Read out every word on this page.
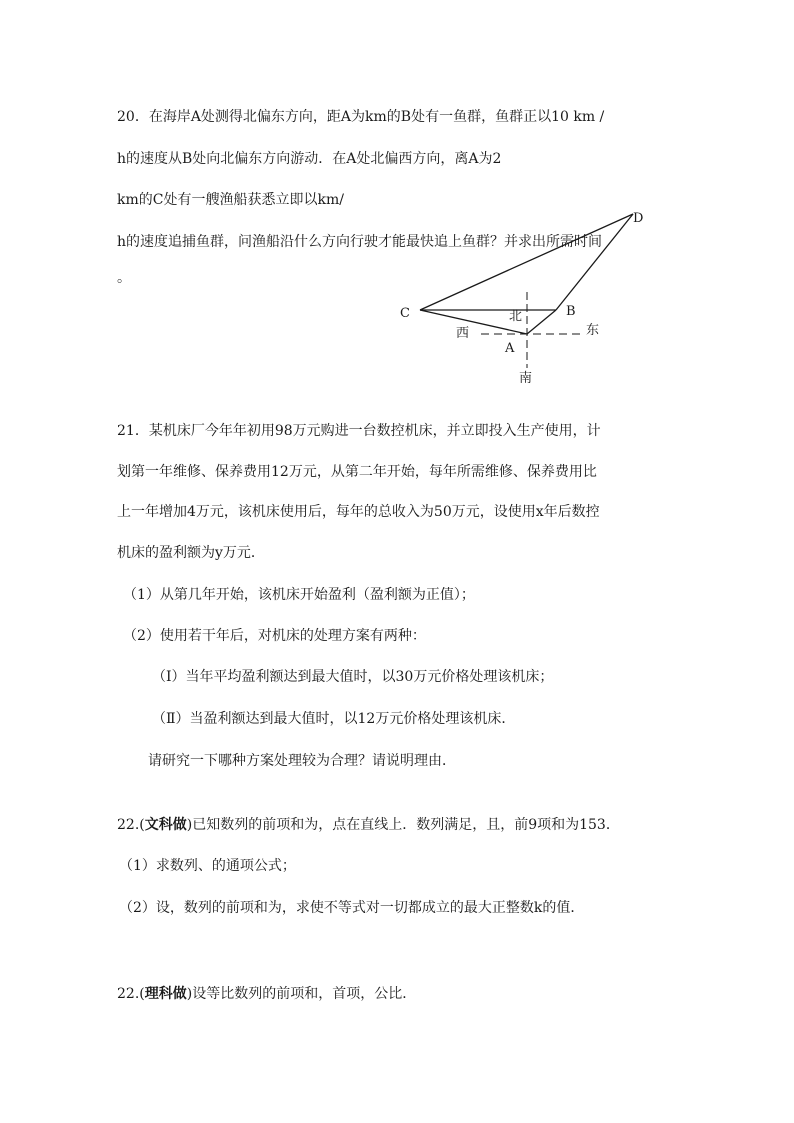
20．在海岸A处测得北偏东方向，距A为km的B处有一鱼群，鱼群正以10 km /
h的速度从B处向北偏东方向游动．在A处北偏西方向，离A为2
km的C处有一艘渔船获悉立即以km/
h的速度追捕鱼群，问渔船沿什么方向行驶才能最快追上鱼群？并求出所需时间
。
C
D
B
A
北
西	东
南
21．某机床厂今年年初用98万元购进一台数控机床，并立即投入生产使用，计
划第一年维修、保养费用12万元，从第二年开始，每年所需维修、保养费用比
上一年增加4万元，该机床使用后，每年的总收入为50万元，设使用x年后数控
机床的盈利额为y万元．
（1）从第几年开始，该机床开始盈利（盈利额为正值）；
（2）使用若干年后，对机床的处理方案有两种：
（Ⅰ）当年平均盈利额达到最大值时，以30万元价格处理该机床；
（Ⅱ）当盈利额达到最大值时，以12万元价格处理该机床．
请研究一下哪种方案处理较为合理？请说明理由．
22.(文科做)已知数列的前项和为，点在直线上．数列满足，且，前9项和为153．
（1）求数列、的通项公式；
（2）设，数列的前项和为，求使不等式对一切都成立的最大正整数k的值．
22.(理科做)设等比数列的前项和，首项，公比．
